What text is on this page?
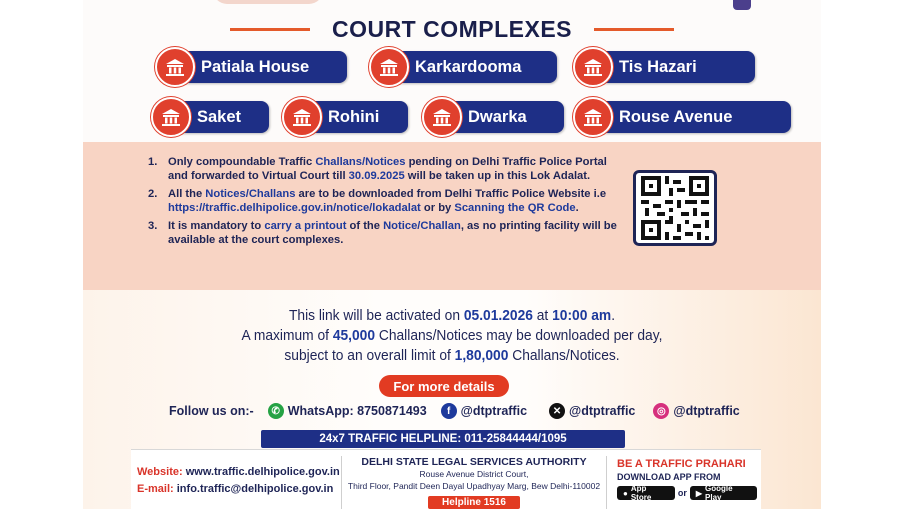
COURT COMPLEXES
Patiala House	Karkardooma	Tis Hazari
Saket	Rohini	Dwarka	Rouse Avenue
1. Only compoundable Traffic Challans/Notices pending on Delhi Traffic Police Portal and forwarded to Virtual Court till 30.09.2025 will be taken up in this Lok Adalat.
2. All the Notices/Challans are to be downloaded from Delhi Traffic Police Website i.e https://traffic.delhipolice.gov.in/notice/lokadalat or by Scanning the QR Code.
3. It is mandatory to carry a printout of the Notice/Challan, as no printing facility will be available at the court complexes.
This link will be activated on 05.01.2026 at 10:00 am.
A maximum of 45,000 Challans/Notices may be downloaded per day,
subject to an overall limit of 1,80,000 Challans/Notices.
For more details
Follow us on:-	✆ WhatsApp: 8750871493	f @dtptraffic	✕ @dtptraffic	◎ @dtptraffic
24x7 TRAFFIC HELPLINE: 011-25844444/1095
Website: www.traffic.delhipolice.gov.in
E-mail: info.traffic@delhipolice.gov.in
DELHI STATE LEGAL SERVICES AUTHORITY
Rouse Avenue District Court,
Third Floor, Pandit Deen Dayal Upadhyay Marg, Bew Delhi-110002
Helpline 1516
BE A TRAFFIC PRAHARI
DOWNLOAD APP FROM
● App Store	or ▶ Google Play
